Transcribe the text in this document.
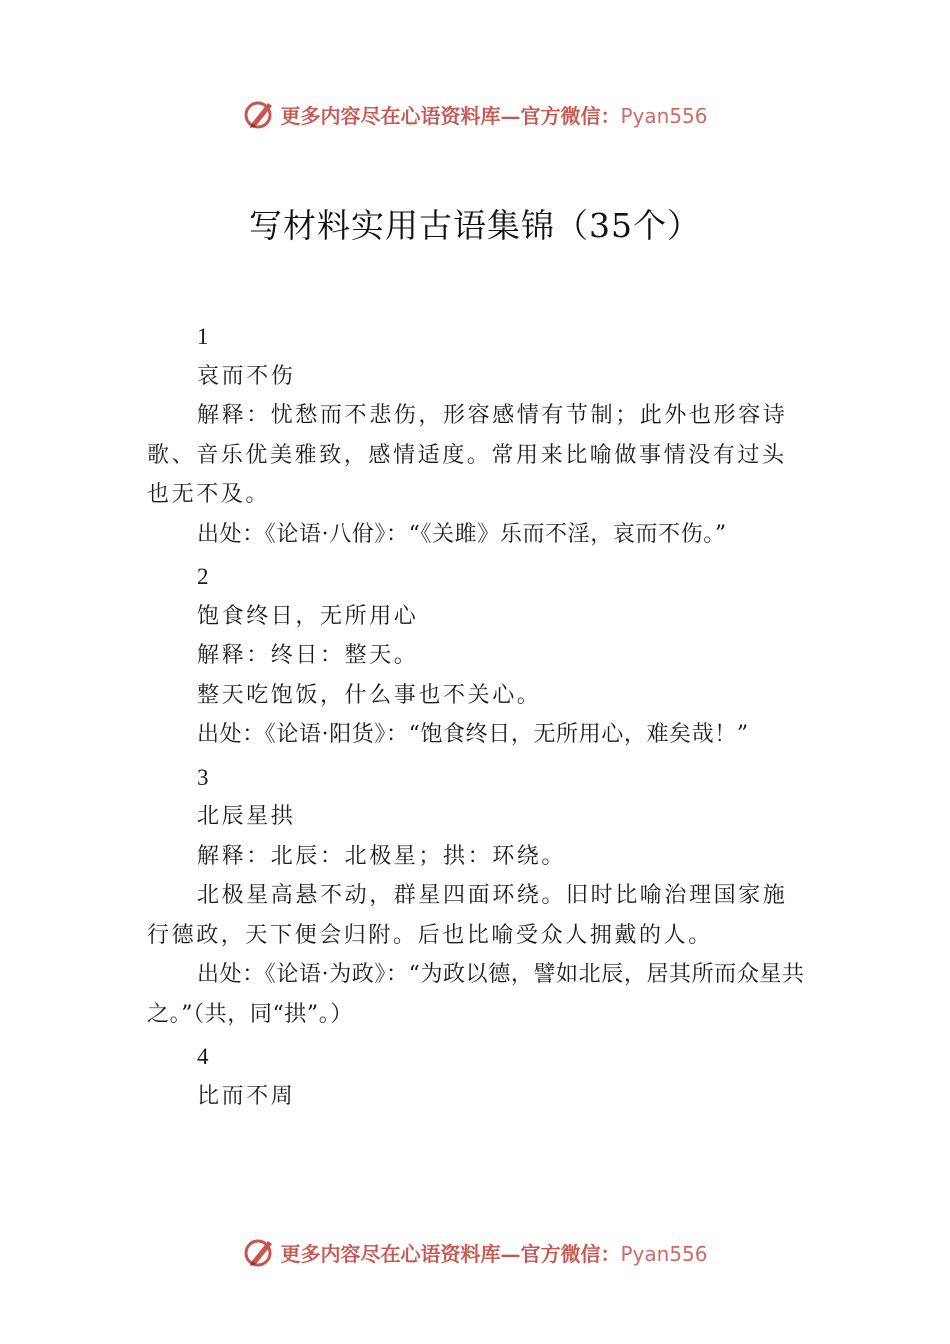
更多内容尽在心语资料库—官方微信：Pyan556
写材料实用古语集锦（35个）

1

哀而不伤

解释：忧愁而不悲伤，形容感情有节制；此外也形容诗歌、音乐优美雅致，感情适度。常用来比喻做事情没有过头也无不及。

出处：《论语·八佾》：“《关雎》乐而不淫，哀而不伤。”

2

饱食终日，无所用心

解释：终日：整天。

整天吃饱饭，什么事也不关心。

出处：《论语·阳货》：“饱食终日，无所用心，难矣哉！”

3

北辰星拱

解释：北辰：北极星；拱：环绕。

北极星高悬不动，群星四面环绕。旧时比喻治理国家施行德政，天下便会归附。后也比喻受众人拥戴的人。

出处：《论语·为政》：“为政以德，譬如北辰，居其所而众星共之。”（共，同“拱”。）

4

比而不周

更多内容尽在心语资料库—官方微信：Pyan556
